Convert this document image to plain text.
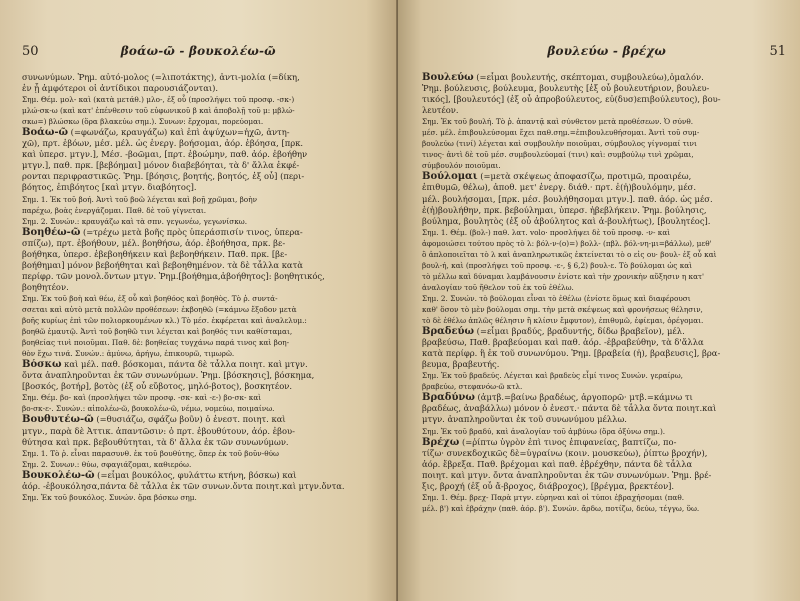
50	βοάω-ῶ - βουκολέω-ῶ
συνωνύμων. Ῥημ. αὐτό-μολος (=λιποτάκτης), ἀντι-μολία (=δίκη,
ἐν ᾗ ἀμφότεροι οἱ ἀντίδικοι παρουσιάζονται).
Σημ. Θέμ. μολ- καὶ (κατὰ μετάθ.) μλο-, ἐξ οὗ (προσλήψει τοῦ προσφ. -σκ-)
μλώ-σκ-ω (καὶ κατ' ἐπένθεσιν τοῦ εὐφωνικοῦ β καὶ ἀποβολῇ τοῦ μ: μβλώ-
σκω=) βλώσκω (ὅρα βλακεύω σημ.). Συνων: ἔρχομαι, πορεύομαι.
Βοάω-ῶ (=φωνάζω, κραυγάζω) καὶ ἐπὶ ἀψύχων=ἠχῶ, ἀντη-
χῶ), πρτ. ἐβόων, μέσ. μέλ. ὡς ἐνεργ. βοήσομαι, ἀόρ. ἐβόησα, [πρκ.
καὶ ὑπερσ. μτγν.], Μέσ. -βοῶμαι, [πρτ. ἐβοώμην, παθ. ἀόρ. ἐβοήθην
μτγν.], παθ. πρκ. [βεβόημαι] μόνον διαβεβόηται, τὰ δ' ἄλλα ἐκφέ-
ρονται περιφραστικῶς. Ῥημ. [βόησις, βοητής, βοητός, ἐξ οὗ] (περι-
βόητος, ἐπιβόητος [καὶ μτγν. διαβόητος].
Σημ. 1. Ἐκ τοῦ βοή. Ἀντὶ τοῦ βοῶ λέγεται καὶ βοῇ χρῶμαι, βοὴν
παρέχω, βοὰς ἐνεργάζομαι. Παθ. δὲ τοῦ γίγνεται.
Σημ. 2. Συνών.: κραυγάζω καὶ τὰ σπν. γεγωνέω, γεγωνίσκω.
Βοηθέω-ῶ (=τρέχω μετὰ βοῆς πρὸς ὑπεράσπισίν τινος, ὑπερα-
σπίζω), πρτ. ἐβοήθουν, μέλ. βοηθήσω, ἀόρ. ἐβοήθησα, πρκ. βε-
βοήθηκα, ὑπερσ. ἐβεβοηθήκειν καὶ βεβοηθήκειν. Παθ. πρκ. [βε-
βοήθημαι] μόνον βεβοήθηται καὶ βεβοηθημένον. τὰ δὲ τἆλλα κατὰ
περίφρ. τῶν μονολ.ὄντων μτγν. Ῥημ.[βοήθημα,ἀβοήθητος]: βοηθητικός,
βοηθητέον.
Σημ. Ἐκ τοῦ βοὴ καὶ θέω, ἐξ οὗ καὶ βοηθόος καὶ βοηθὸς. Τὸ ῥ. συντά-
σσεται καὶ αὐτὸ μετὰ πολλῶν προθέσεων: ἐκβοηθῶ (=κάμνω ἔξοδον μετὰ
βοῆς κυρίως ἐπὶ τῶν πολιορκουμένων κλ.) Τὸ μέσ. ἐκφέρεται καὶ ἀναλελυμ.:
βοηθῶ ἐμαυτῷ. Ἀντὶ τοῦ βοηθῶ τινι λέγεται καὶ βοηθός τινι καθίσταμαι,
βοηθείας τινὶ ποιοῦμαι. Παθ. δὲ: βοηθείας τυγχάνω παρά τινος καὶ βοη-
θὸν ἔχω τινά. Συνών.: ἀμύνω, ἀρήγω, ἐπικουρῶ, τιμωρῶ.
Βόσκω καὶ μέλ. παθ. βόσκομαι, πάντα δὲ τἆλλα ποιητ. καὶ μτγν.
ὄντα ἀναπληροῦνται ἐκ τῶν συνωνύμων. Ῥημ. [βόσκησις], βόσκημα,
[βοσκός, βοτήρ], βοτὸς (ἐξ οὗ εὔβοτος, μηλό-βοτος), βοσκητέον.
Σημ. Θέμ. βο- καὶ (προσλήψει τῶν προσφ. -σκ- καὶ -ε-) βο-σκ- καὶ
βο-σκ-ε-. Συνών.: αἰπολέω-ῶ, βουκολέω-ῶ, νέμω, νομεύω, ποιμαίνω.
Βουθυτέω-ῶ (=θυσιάζω, σφάζω βοῦν) ὁ ἐνεστ. ποιητ. καὶ
μτγν., παρὰ δὲ Ἀττικ. ἀπαντῶσιν: ὁ πρτ. ἐβουθύτουν, ἀόρ. ἐβου-
θύτησα καὶ πρκ. βεβουθύτηται, τὰ δ' ἄλλα ἐκ τῶν συνωνύμων.
Σημ. 1. Τὸ ῥ. εἶναι παρασυνθ. ἐκ τοῦ βουθύτης, ὅπερ ἐκ τοῦ βοῦν-θύω
Σημ. 2. Συνων.: θύω, σφαγιάζομαι, καθιερόω.
Βουκολέω-ῶ (=εἶμαι βουκόλος, φυλάττω κτήνη, βόσκω) καὶ
ἀόρ. -ἐβουκόλησα,πάντα δὲ τἆλλα ἐκ τῶν συνων.ὄντα ποιητ.καὶ μτγν.ὄντα.
Σημ. Ἐκ τοῦ βουκόλος. Συνών. ὅρα βόσκω σημ.
βουλεύω - βρέχω	51
Βουλεύω (=εἶμαι βουλευτής, σκέπτομαι, συμβουλεύω),ὁμαλόν.
Ῥημ. βούλευσις, βούλευμα, βουλευτὴς [ἐξ οὗ βουλευτήριον, βουλευ-
τικός], [βουλευτός] (ἐξ οὗ ἀπροβούλευτος, εὐ(δυσ)επιβούλευτος), βου-
λευτέον.
Σημ. Ἐκ τοῦ βουλή. Τὸ ῥ. ἁπαντᾷ καὶ σύνθετον μετὰ προθέσεων. Ὁ σύνθ.
μέσ. μέλ. ἐπιβουλεύσομαι ἔχει παθ.σημ.=ἐπιβουλευθήσομαι. Ἀντὶ τοῦ συμ-
βουλεύω (τινί) λέγεται καὶ συμβουλὴν ποιοῦμαι, σύμβουλος γίγνομαί τινι
τινος· ἀντὶ δὲ τοῦ μέσ. συμβουλεύομαί (τινι) καὶ: συμβούλῳ τινὶ χρῶμαι,
σύμβουλόν ποιοῦμαι.
Βούλομαι (=μετὰ σκέψεως ἀποφασίζω, προτιμῶ, προαιρέω,
ἐπιθυμῶ, θέλω), ἀποθ. μετ' ἐνεργ. διάθ.· πρτ. ἐ(ἠ)βουλόμην, μέσ.
μέλ. βουλήσομαι, [πρκ. μέσ. βουλήθησομαι μτγν.]. παθ. ἀόρ. ὡς μέσ.
ἐ(ἠ)βουλήθην, πρκ. βεβούλημαι, ὑπερσ. ἠβεβλήκειν. Ῥημ. βούλησις,
βούλημα, βουλητὸς (ἐξ οὗ ἀβούλητος καὶ ἀ-βουλήτως), [βουλητέος].
Σημ. 1. Θέμ. (βολ-) παθ. λατ. volo· προσλήψει δὲ τοῦ προσφ. -ν- καὶ
ἀφομοιώσει τούτου πρὸς τὸ λ: βόλ-ν-(ο)=) βολλ- (πβλ. βόλ-νη-μι=βάλλω), μεθ'
ὃ ἀπλοποιεῖται τὸ λ καὶ ἀναπληρωτικῶς ἐκτείνεται τὸ ο εἰς ου· βουλ- ἐξ οὗ καὶ
βουλ-ή, καὶ (προσλήψει τοῦ προσφ. -ε-, § 6,2) βουλ-ε. Τὸ βούλομαι ὡς καὶ
τὸ μέλλω καὶ δύναμαι λαμβάνουσιν ἐνίοτε καὶ τὴν χρονικὴν αὔξησιν η κατ'
ἀναλογίαν τοῦ ἤθελον τοῦ ἐκ τοῦ ἐθέλω.
Σημ. 2. Συνών. τὸ βούλομαι εἶναι τὸ ἐθέλω (ἐνίοτε ὅμως καὶ διαφέρουσι
καθ' ὅσον τὸ μὲν βούλομαι σημ. τὴν μετὰ σκέψεως καὶ φρονήσεως θέλησιν,
τὸ δὲ ἐθέλω ἁπλῶς θέλησιν ἢ κλίσιν ἔμφυτον), ἐπιθυμῶ, ἐφίεμαι, ὀρέγομαι.
Βραδεύω (=εἶμαι βραδύς, βραδυντής, δίδω βραβεῖον), μέλ.
βραβεύσω, Παθ. βραβεύομαι καὶ παθ. ἀόρ. -ἐβραβεύθην, τὰ δ'ἄλλα
κατὰ περίφρ. ἢ ἐκ τοῦ συνωνύμου. Ῥημ. [βραβεία (ἡ), βραβευσις], βρα-
βευμα, βραβευτής.
Σημ. Ἐκ τοῦ βραδεύς. Λέγεται καὶ βραδεὺς εἶμί τινος Συνών. γεραίρω,
βραβεύω, στεφανόω-ῶ κτλ.
Βραδύνω (ἀμτβ.=βαίνω βραδέως, ἀργοπορῶ· μτβ.=κάμνω τι
βραδέως, ἀναβάλλω) μόνον ὁ ἐνεστ.· πάντα δὲ τἆλλα ὄντα ποιητ.καὶ
μτγν. ἀναπληροῦνται ἐκ τοῦ συνωνύμου μέλλω.
Σημ. Ἐκ τοῦ βραδύ, καὶ ἀναλογίαν τοῦ ἀμβύνω (ὅρα ὀξύνω σημ.).
Βρέχω (=ῥίπτω ὑγρὸν ἐπὶ τινος ἐπιφανείας, βαπτίζω, πο-
τίζω· συνεκδοχικῶς δὲ=ὑγραίνω (κοιν. μουσκεύω), ῥίπτω βροχήν),
ἀόρ. ἔβρεξα. Παθ. βρέχομαι καὶ παθ. ἐβρέχθην, πάντα δὲ τἆλλα
ποιητ. καὶ μτγν. ὄντα ἀναπληροῦνται ἐκ τῶν συνωνύμων. Ῥημ. βρέ-
ξις, βροχή (ἐξ οὗ ἄ-βροχος, διάβροχος), [βρέγμα, βρεκτέον].
Σημ. 1. Θέμ. βρεχ- Παρὰ μτγν. εὑρηναι καὶ οἱ τύποι ἐβραχήσομαι (παθ.
μέλ. β') καὶ ἐβράχην (παθ. ἀόρ. β'). Συνών. ἄρδω, ποτίζω, δεύω, τέγγω, ὕω.
